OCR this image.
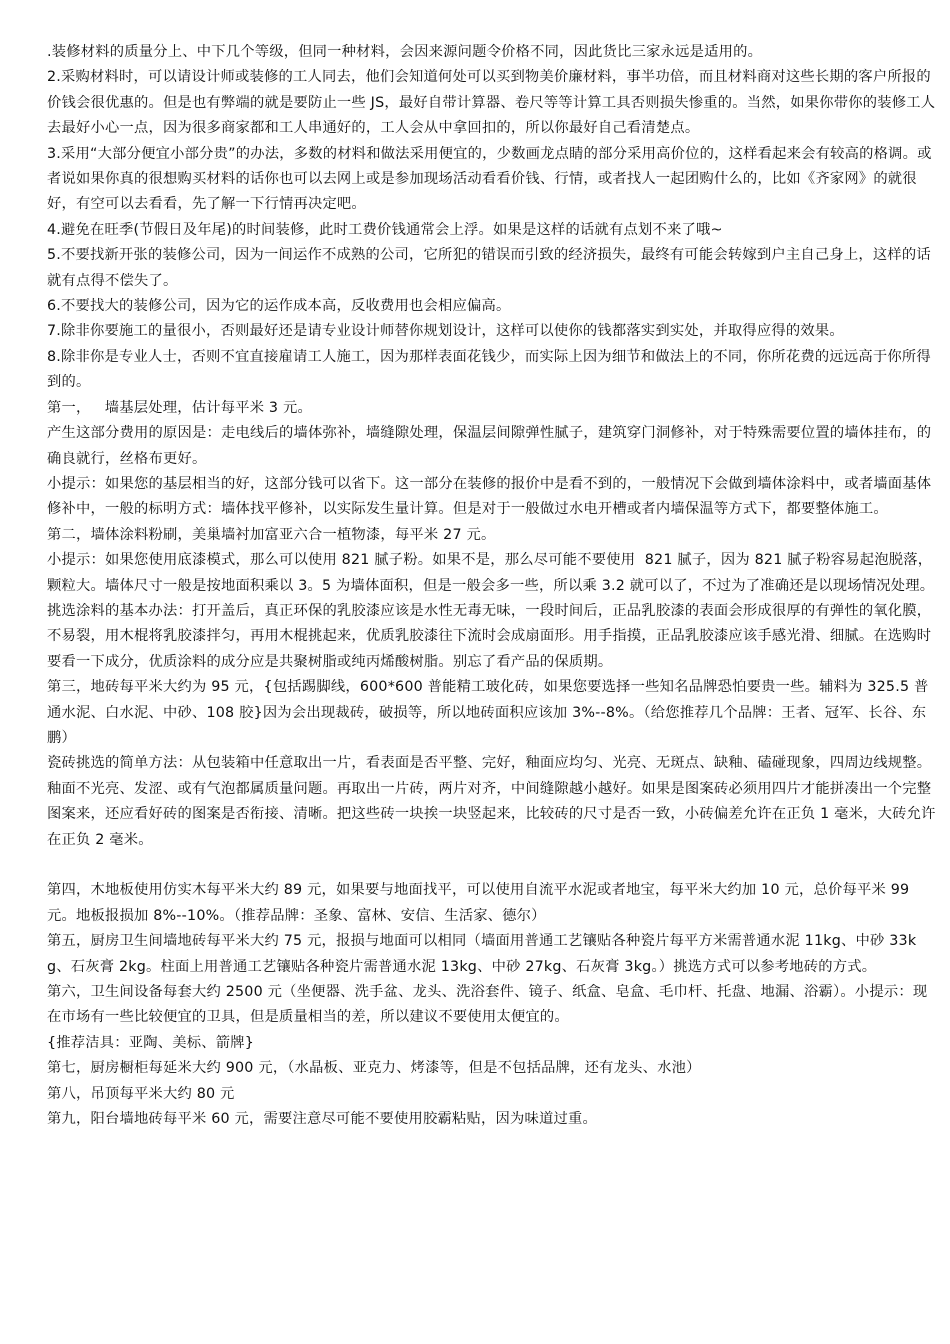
.装修材料的质量分上、中下几个等级，但同一种材料，会因来源问题令价格不同，因此货比三家永远是适用的。

2.采购材料时，可以请设计师或装修的工人同去，他们会知道何处可以买到物美价廉材料，事半功倍，而且材料商对这些长期的客户所报的价钱会很优惠的。但是也有弊端的就是要防止一些 JS，最好自带计算器、卷尺等等计算工具否则损失惨重的。当然，如果你带你的装修工人去最好小心一点，因为很多商家都和工人串通好的，工人会从中拿回扣的，所以你最好自己看清楚点。

3.采用“大部分便宜小部分贵”的办法，多数的材料和做法采用便宜的，少数画龙点睛的部分采用高价位的，这样看起来会有较高的格调。或者说如果你真的很想购买材料的话你也可以去网上或是参加现场活动看看价钱、行情，或者找人一起团购什么的，比如《齐家网》的就很好，有空可以去看看，先了解一下行情再决定吧。

4.避免在旺季(节假日及年尾)的时间装修，此时工费价钱通常会上浮。如果是这样的话就有点划不来了哦~

5.不要找新开张的装修公司，因为一间运作不成熟的公司，它所犯的错误而引致的经济损失，最终有可能会转嫁到户主自己身上，这样的话就有点得不偿失了。

6.不要找大的装修公司，因为它的运作成本高，反收费用也会相应偏高。

7.除非你要施工的量很小，否则最好还是请专业设计师替你规划设计，这样可以使你的钱都落实到实处，并取得应得的效果。

8.除非你是专业人士，否则不宜直接雇请工人施工，因为那样表面花钱少，而实际上因为细节和做法上的不同，你所花费的远远高于你所得到的。

第一，   墙基层处理，估计每平米 3 元。

产生这部分费用的原因是：走电线后的墙体弥补，墙缝隙处理，保温层间隙弹性腻子，建筑穿门洞修补，对于特殊需要位置的墙体挂布，的确良就行，丝格布更好。

小提示：如果您的基层相当的好，这部分钱可以省下。这一部分在装修的报价中是看不到的，一般情况下会做到墙体涂料中，或者墙面基体修补中，一般的标明方式：墙体找平修补，以实际发生量计算。但是对于一般做过水电开槽或者内墙保温等方式下，都要整体施工。

第二，墙体涂料粉刷，美巢墙衬加富亚六合一植物漆，每平米 27 元。

小提示：如果您使用底漆模式，那么可以使用 821 腻子粉。如果不是，那么尽可能不要使用  821 腻子，因为 821 腻子粉容易起泡脱落，颗粒大。墙体尺寸一般是按地面积乘以 3。5 为墙体面积，但是一般会多一些，所以乘 3.2 就可以了，不过为了准确还是以现场情况处理。

挑选涂料的基本办法：打开盖后，真正环保的乳胶漆应该是水性无毒无味，一段时间后，正品乳胶漆的表面会形成很厚的有弹性的氧化膜，不易裂，用木棍将乳胶漆拌匀，再用木棍挑起来，优质乳胶漆往下流时会成扇面形。用手指摸，正品乳胶漆应该手感光滑、细腻。在选购时要看一下成分，优质涂料的成分应是共聚树脂或纯丙烯酸树脂。别忘了看产品的保质期。

第三，地砖每平米大约为 95 元，{包括踢脚线，600*600 普能精工玻化砖，如果您要选择一些知名品牌恐怕要贵一些。辅料为 325.5 普通水泥、白水泥、中砂、108 胶}因为会出现裁砖，破损等，所以地砖面积应该加 3%--8%。（给您推荐几个品牌：王者、冠军、长谷、东鹏）

瓷砖挑选的简单方法：从包装箱中任意取出一片，看表面是否平整、完好，釉面应均匀、光亮、无斑点、缺釉、磕碰现象，四周边线规整。釉面不光亮、发涩、或有气泡都属质量问题。再取出一片砖，两片对齐，中间缝隙越小越好。如果是图案砖必须用四片才能拼凑出一个完整图案来，还应看好砖的图案是否衔接、清晰。把这些砖一块挨一块竖起来，比较砖的尺寸是否一致，小砖偏差允许在正负 1 毫米，大砖允许在正负 2 毫米。

第四，木地板使用仿实木每平米大约 89 元，如果要与地面找平，可以使用自流平水泥或者地宝，每平米大约加 10 元，总价每平米 99 元。地板报损加 8%--10%。（推荐品牌：圣象、富林、安信、生活家、德尔）

第五，厨房卫生间墙地砖每平米大约 75 元，报损与地面可以相同（墙面用普通工艺镶贴各种瓷片每平方米需普通水泥 11kg、中砂 33kg、石灰膏 2kg。柱面上用普通工艺镶贴各种瓷片需普通水泥 13kg、中砂 27kg、石灰膏 3kg。）挑选方式可以参考地砖的方式。

第六，卫生间设备每套大约 2500 元（坐便器、洗手盆、龙头、洗浴套件、镜子、纸盒、皂盒、毛巾杆、托盘、地漏、浴霸）。小提示：现在市场有一些比较便宜的卫具，但是质量相当的差，所以建议不要使用太便宜的。

{推荐洁具：亚陶、美标、箭牌}

第七，厨房橱柜每延米大约 900 元，（水晶板、亚克力、烤漆等，但是不包括品牌，还有龙头、水池）

第八，吊顶每平米大约 80 元

第九，阳台墙地砖每平米 60 元，需要注意尽可能不要使用胶霸粘贴，因为味道过重。
